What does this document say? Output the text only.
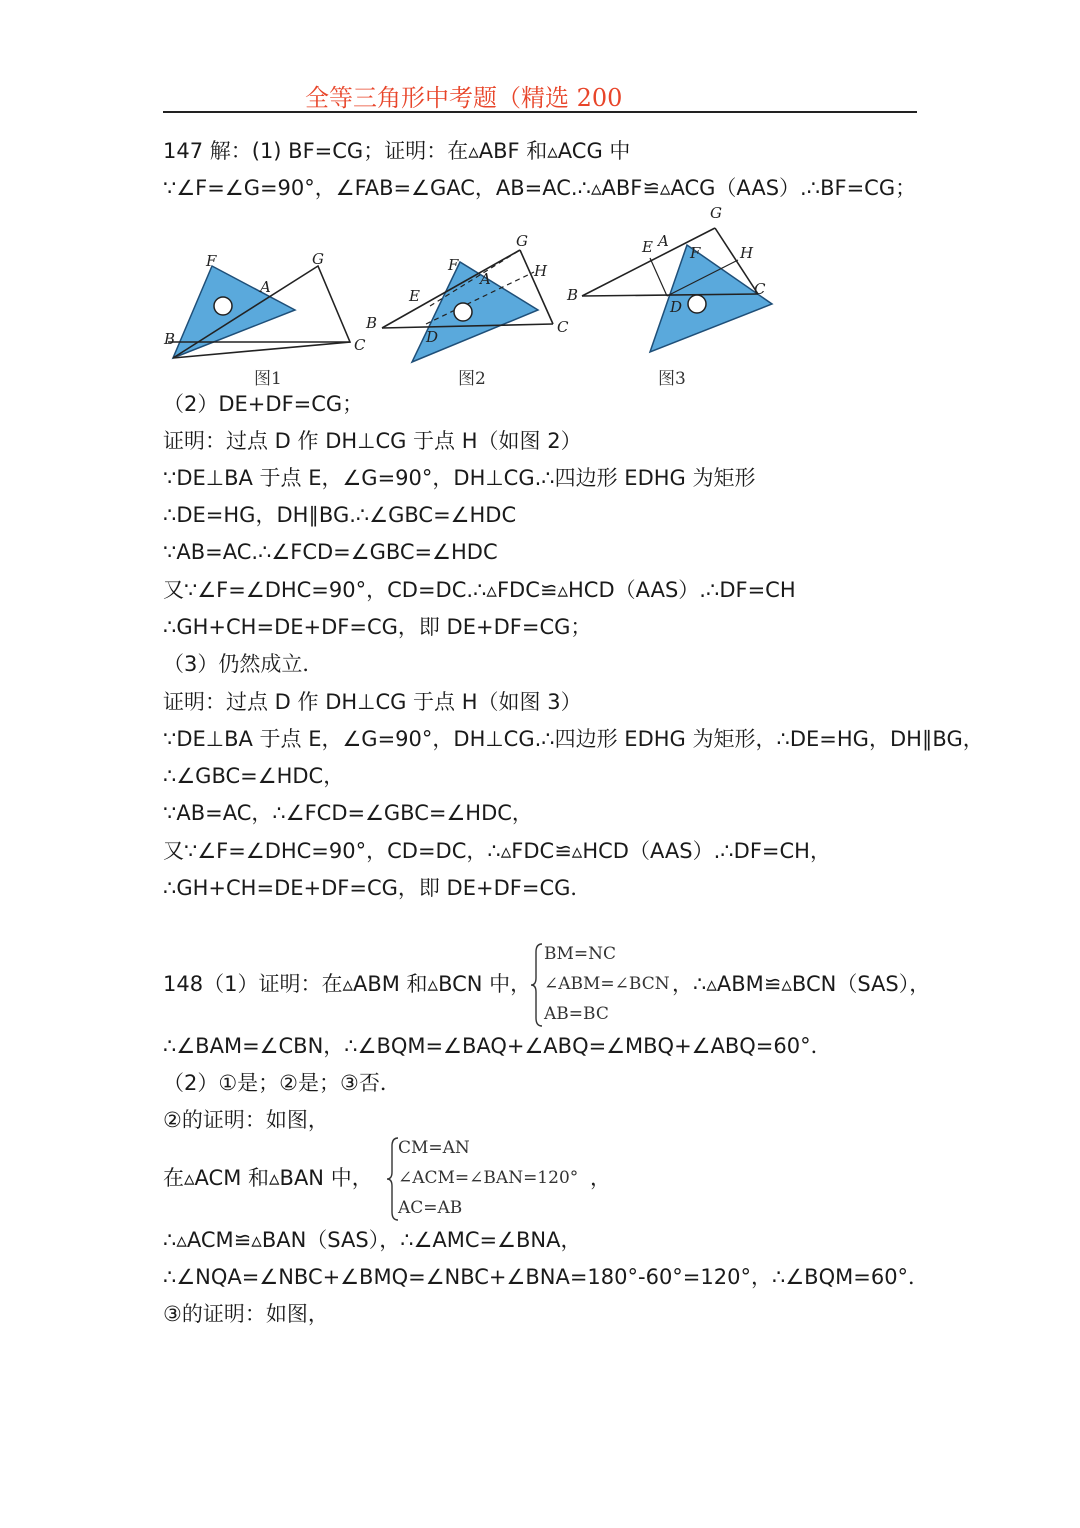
全等三角形中考题（精选 200
147 解：(1) BF=CG；证明：在▵ABF 和▵ACG 中
∵∠F=∠G=90°，∠FAB=∠GAC，AB=AC.∴▵ABF≌▵ACG（AAS）.∴BF=CG；
F	G
A
B	C
G
F
A	H
E
B
D
C
G
E A
F	H
B
D
C
图1	图2	图3
（2）DE+DF=CG；
证明：过点 D 作 DH⊥CG 于点 H（如图 2）
∵DE⊥BA 于点 E，∠G=90°，DH⊥CG.∴四边形 EDHG 为矩形
∴DE=HG，DH∥BG.∴∠GBC=∠HDC
∵AB=AC.∴∠FCD=∠GBC=∠HDC
又∵∠F=∠DHC=90°，CD=DC.∴▵FDC≌▵HCD（AAS）.∴DF=CH
∴GH+CH=DE+DF=CG，即 DE+DF=CG；
（3）仍然成立．
证明：过点 D 作 DH⊥CG 于点 H（如图 3）
∵DE⊥BA 于点 E，∠G=90°，DH⊥CG.∴四边形 EDHG 为矩形，∴DE=HG，DH∥BG，
∴∠GBC=∠HDC，
∵AB=AC，∴∠FCD=∠GBC=∠HDC，
又∵∠F=∠DHC=90°，CD=DC，∴▵FDC≌▵HCD（AAS）.∴DF=CH，
∴GH+CH=DE+DF=CG，即 DE+DF=CG．
148（1）证明：在▵ABM 和▵BCN 中，
BM=NC
∠ABM=∠BCN
AB=BC
，∴▵ABM≌▵BCN（SAS），
∴∠BAM=∠CBN，∴∠BQM=∠BAQ+∠ABQ=∠MBQ+∠ABQ=60°．
（2）①是；②是；③否．
②的证明：如图，
在▵ACM 和▵BAN 中，
CM=AN
∠ACM=∠BAN=120°
AC=AB
，
∴▵ACM≌▵BAN（SAS），∴∠AMC=∠BNA，
∴∠NQA=∠NBC+∠BMQ=∠NBC+∠BNA=180°-60°=120°，∴∠BQM=60°．
③的证明：如图，
